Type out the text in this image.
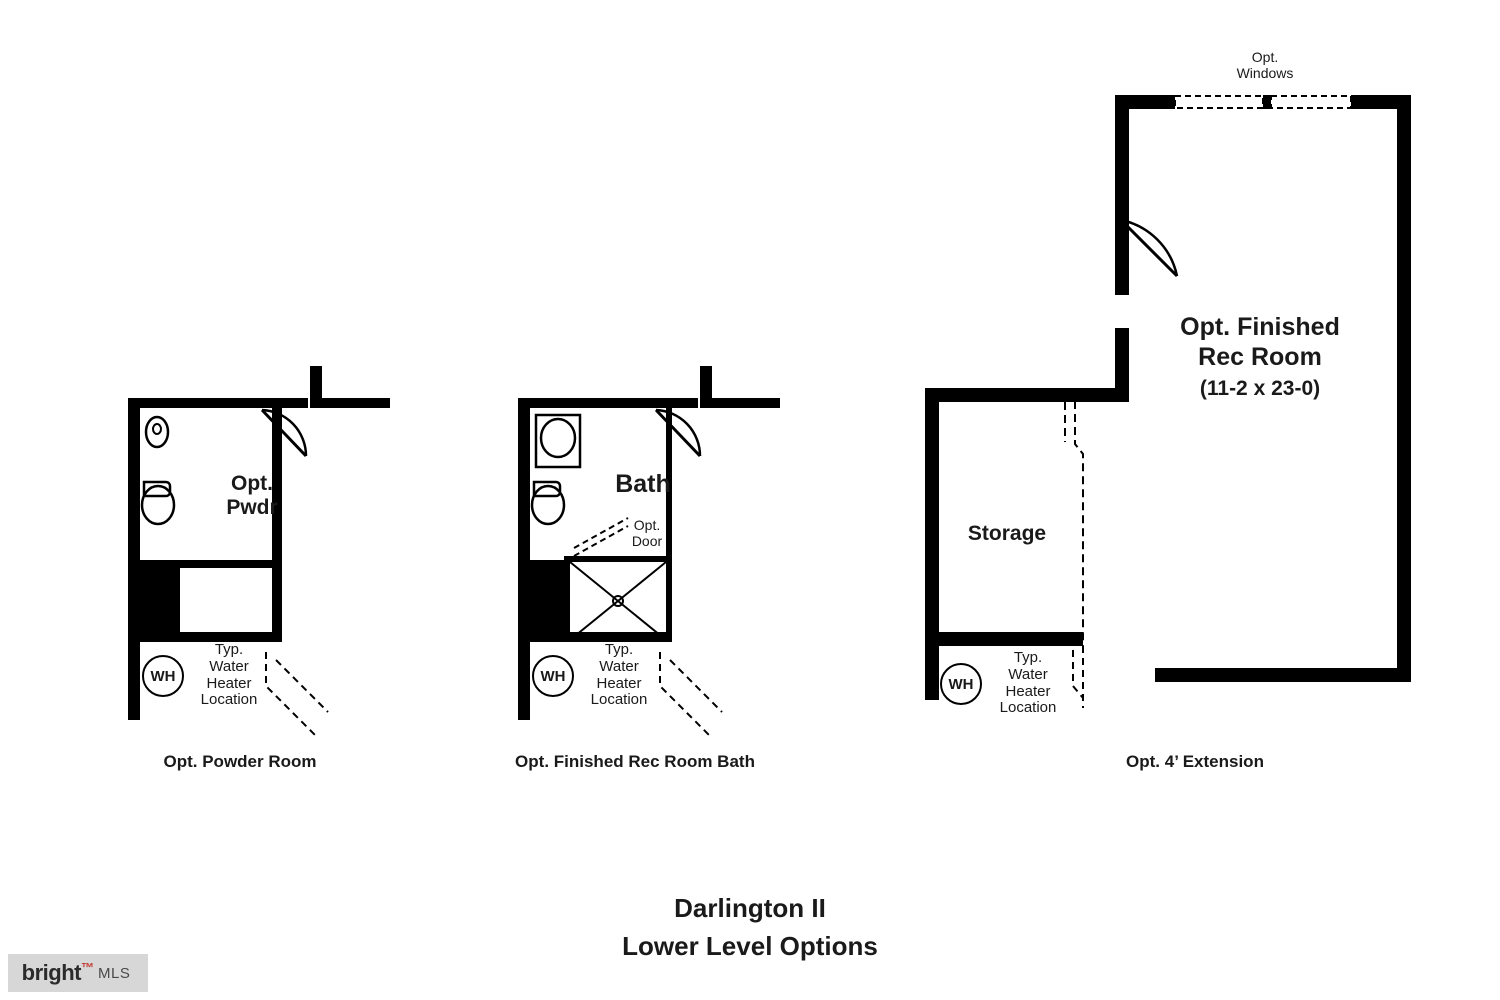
Opt.
Pwdr
WH
Typ.
Water
Heater
Location
Opt. Powder Room
Bath
Opt.
Door
WH
Typ.
Water
Heater
Location
Opt. Finished Rec Room Bath
Opt.
Windows
Opt. Finished
Rec Room
(11-2 x 23-0)
Storage
WH
Typ.
Water
Heater
Location
Opt. 4’ Extension
Darlington II
Lower Level Options
bright ™ MLS
